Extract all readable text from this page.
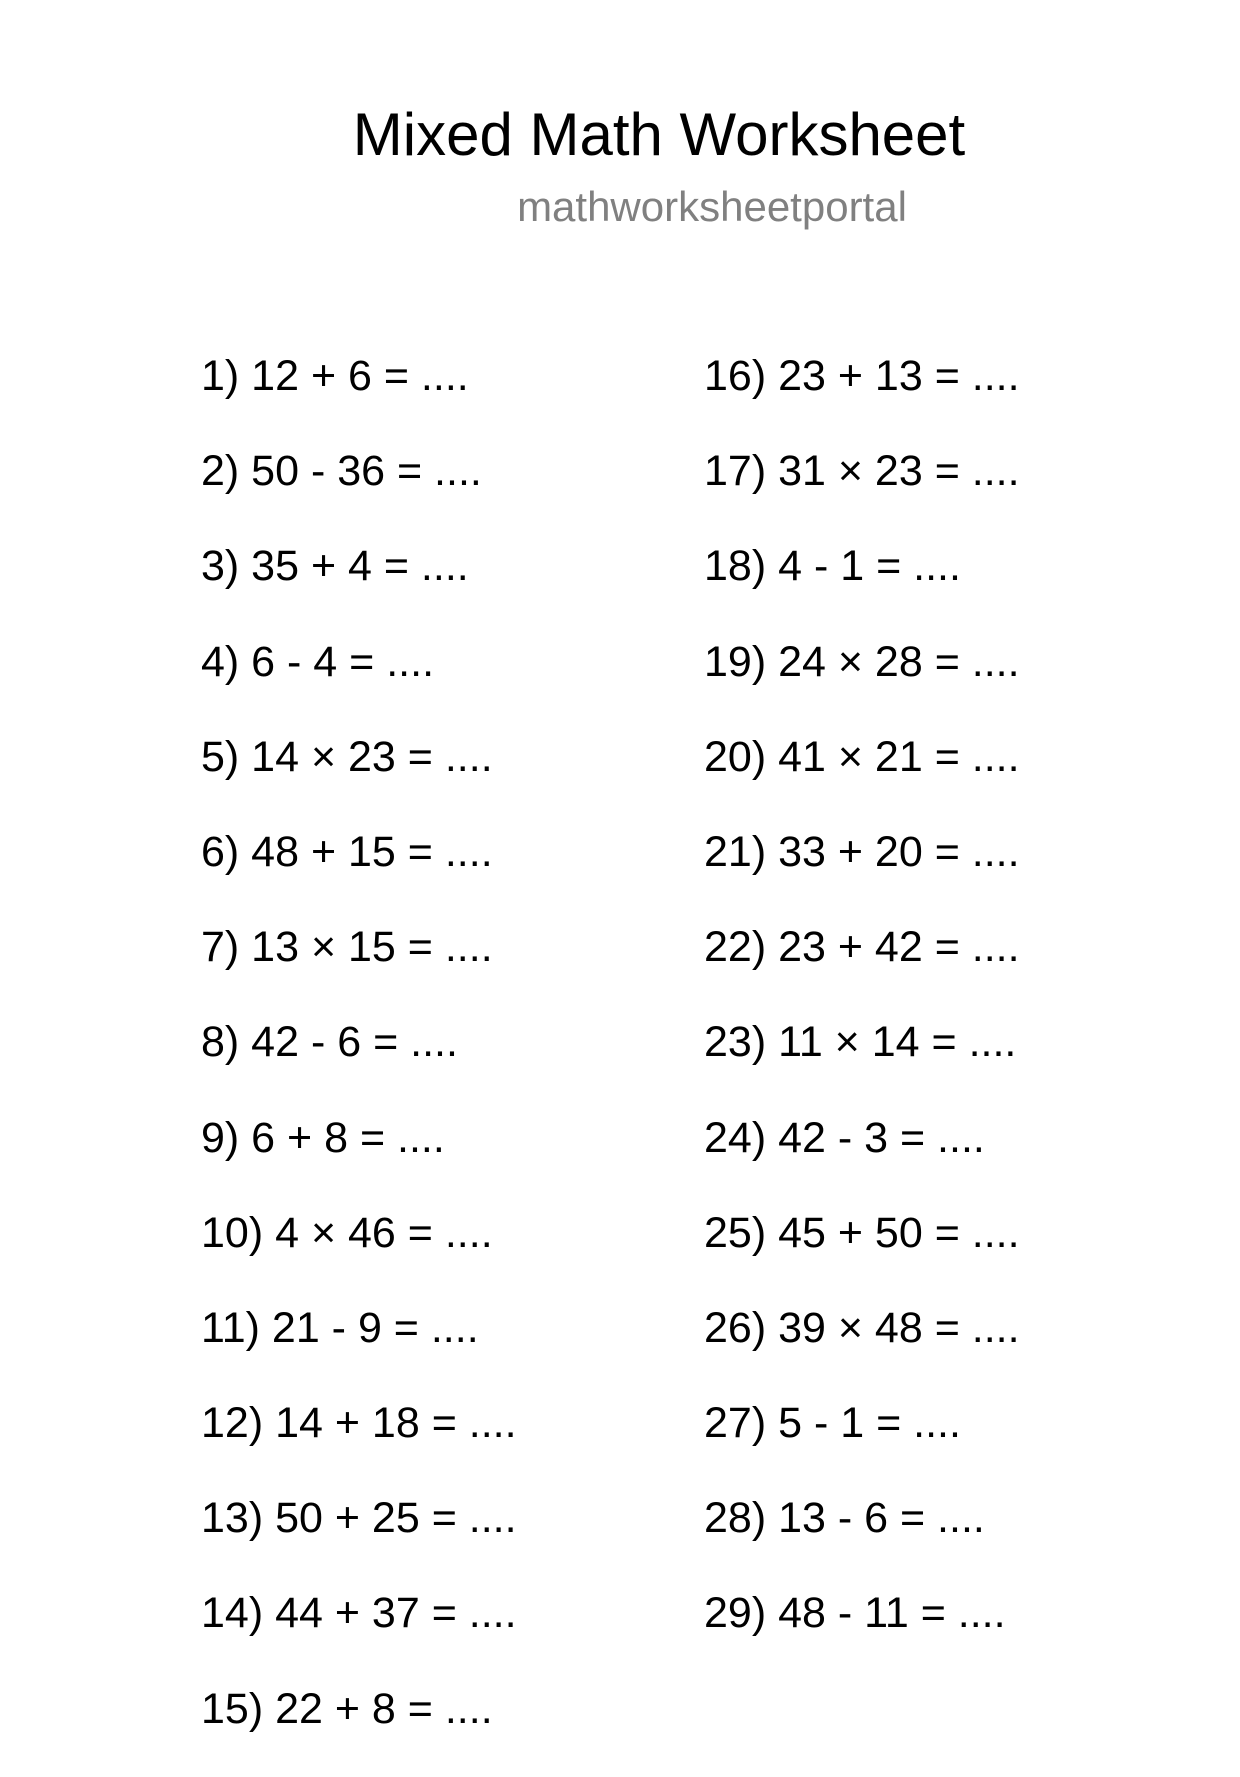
Mixed Math Worksheet
mathworksheetportal
1) 12 + 6 = ....
2) 50 - 36 = ....
3) 35 + 4 = ....
4) 6 - 4 = ....
5) 14 × 23 = ....
6) 48 + 15 = ....
7) 13 × 15 = ....
8) 42 - 6 = ....
9) 6 + 8 = ....
10) 4 × 46 = ....
11) 21 - 9 = ....
12) 14 + 18 = ....
13) 50 + 25 = ....
14) 44 + 37 = ....
15) 22 + 8 = ....
16) 23 + 13 = ....
17) 31 × 23 = ....
18) 4 - 1 = ....
19) 24 × 28 = ....
20) 41 × 21 = ....
21) 33 + 20 = ....
22) 23 + 42 = ....
23) 11 × 14 = ....
24) 42 - 3 = ....
25) 45 + 50 = ....
26) 39 × 48 = ....
27) 5 - 1 = ....
28) 13 - 6 = ....
29) 48 - 11 = ....
